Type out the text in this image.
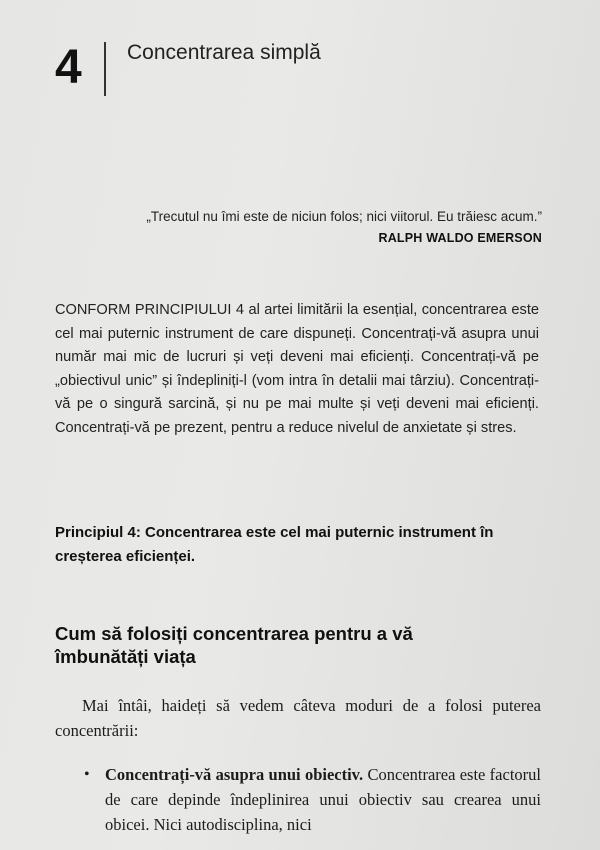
4 Concentrarea simplă
„Trecutul nu îmi este de niciun folos; nici viitorul. Eu trăiesc acum.”
RALPH WALDO EMERSON

CONFORM PRINCIPIULUI 4 al artei limitării la esențial, concentrarea este cel mai puternic instrument de care dispuneți. Concentrați-vă asupra unui număr mai mic de lucruri și veți deveni mai eficienți. Concentrați-vă pe „obiectivul unic” și îndepliniți-l (vom intra în detalii mai târziu). Concentrați-vă pe o singură sarcină, și nu pe mai multe și veți deveni mai eficienți. Concentrați-vă pe prezent, pentru a reduce nivelul de anxietate și stres.

Principiul 4: Concentrarea este cel mai puternic instrument în creșterea eficienței.
Cum să folosiți concentrarea pentru a vă îmbunătăți viața

Mai întâi, haideți să vedem câteva moduri de a folosi puterea concentrării:

• Concentrați-vă asupra unui obiectiv. Concentrarea este factorul de care depinde îndeplinirea unui obiectiv sau crearea unui obicei. Nici autodisciplina, nici
